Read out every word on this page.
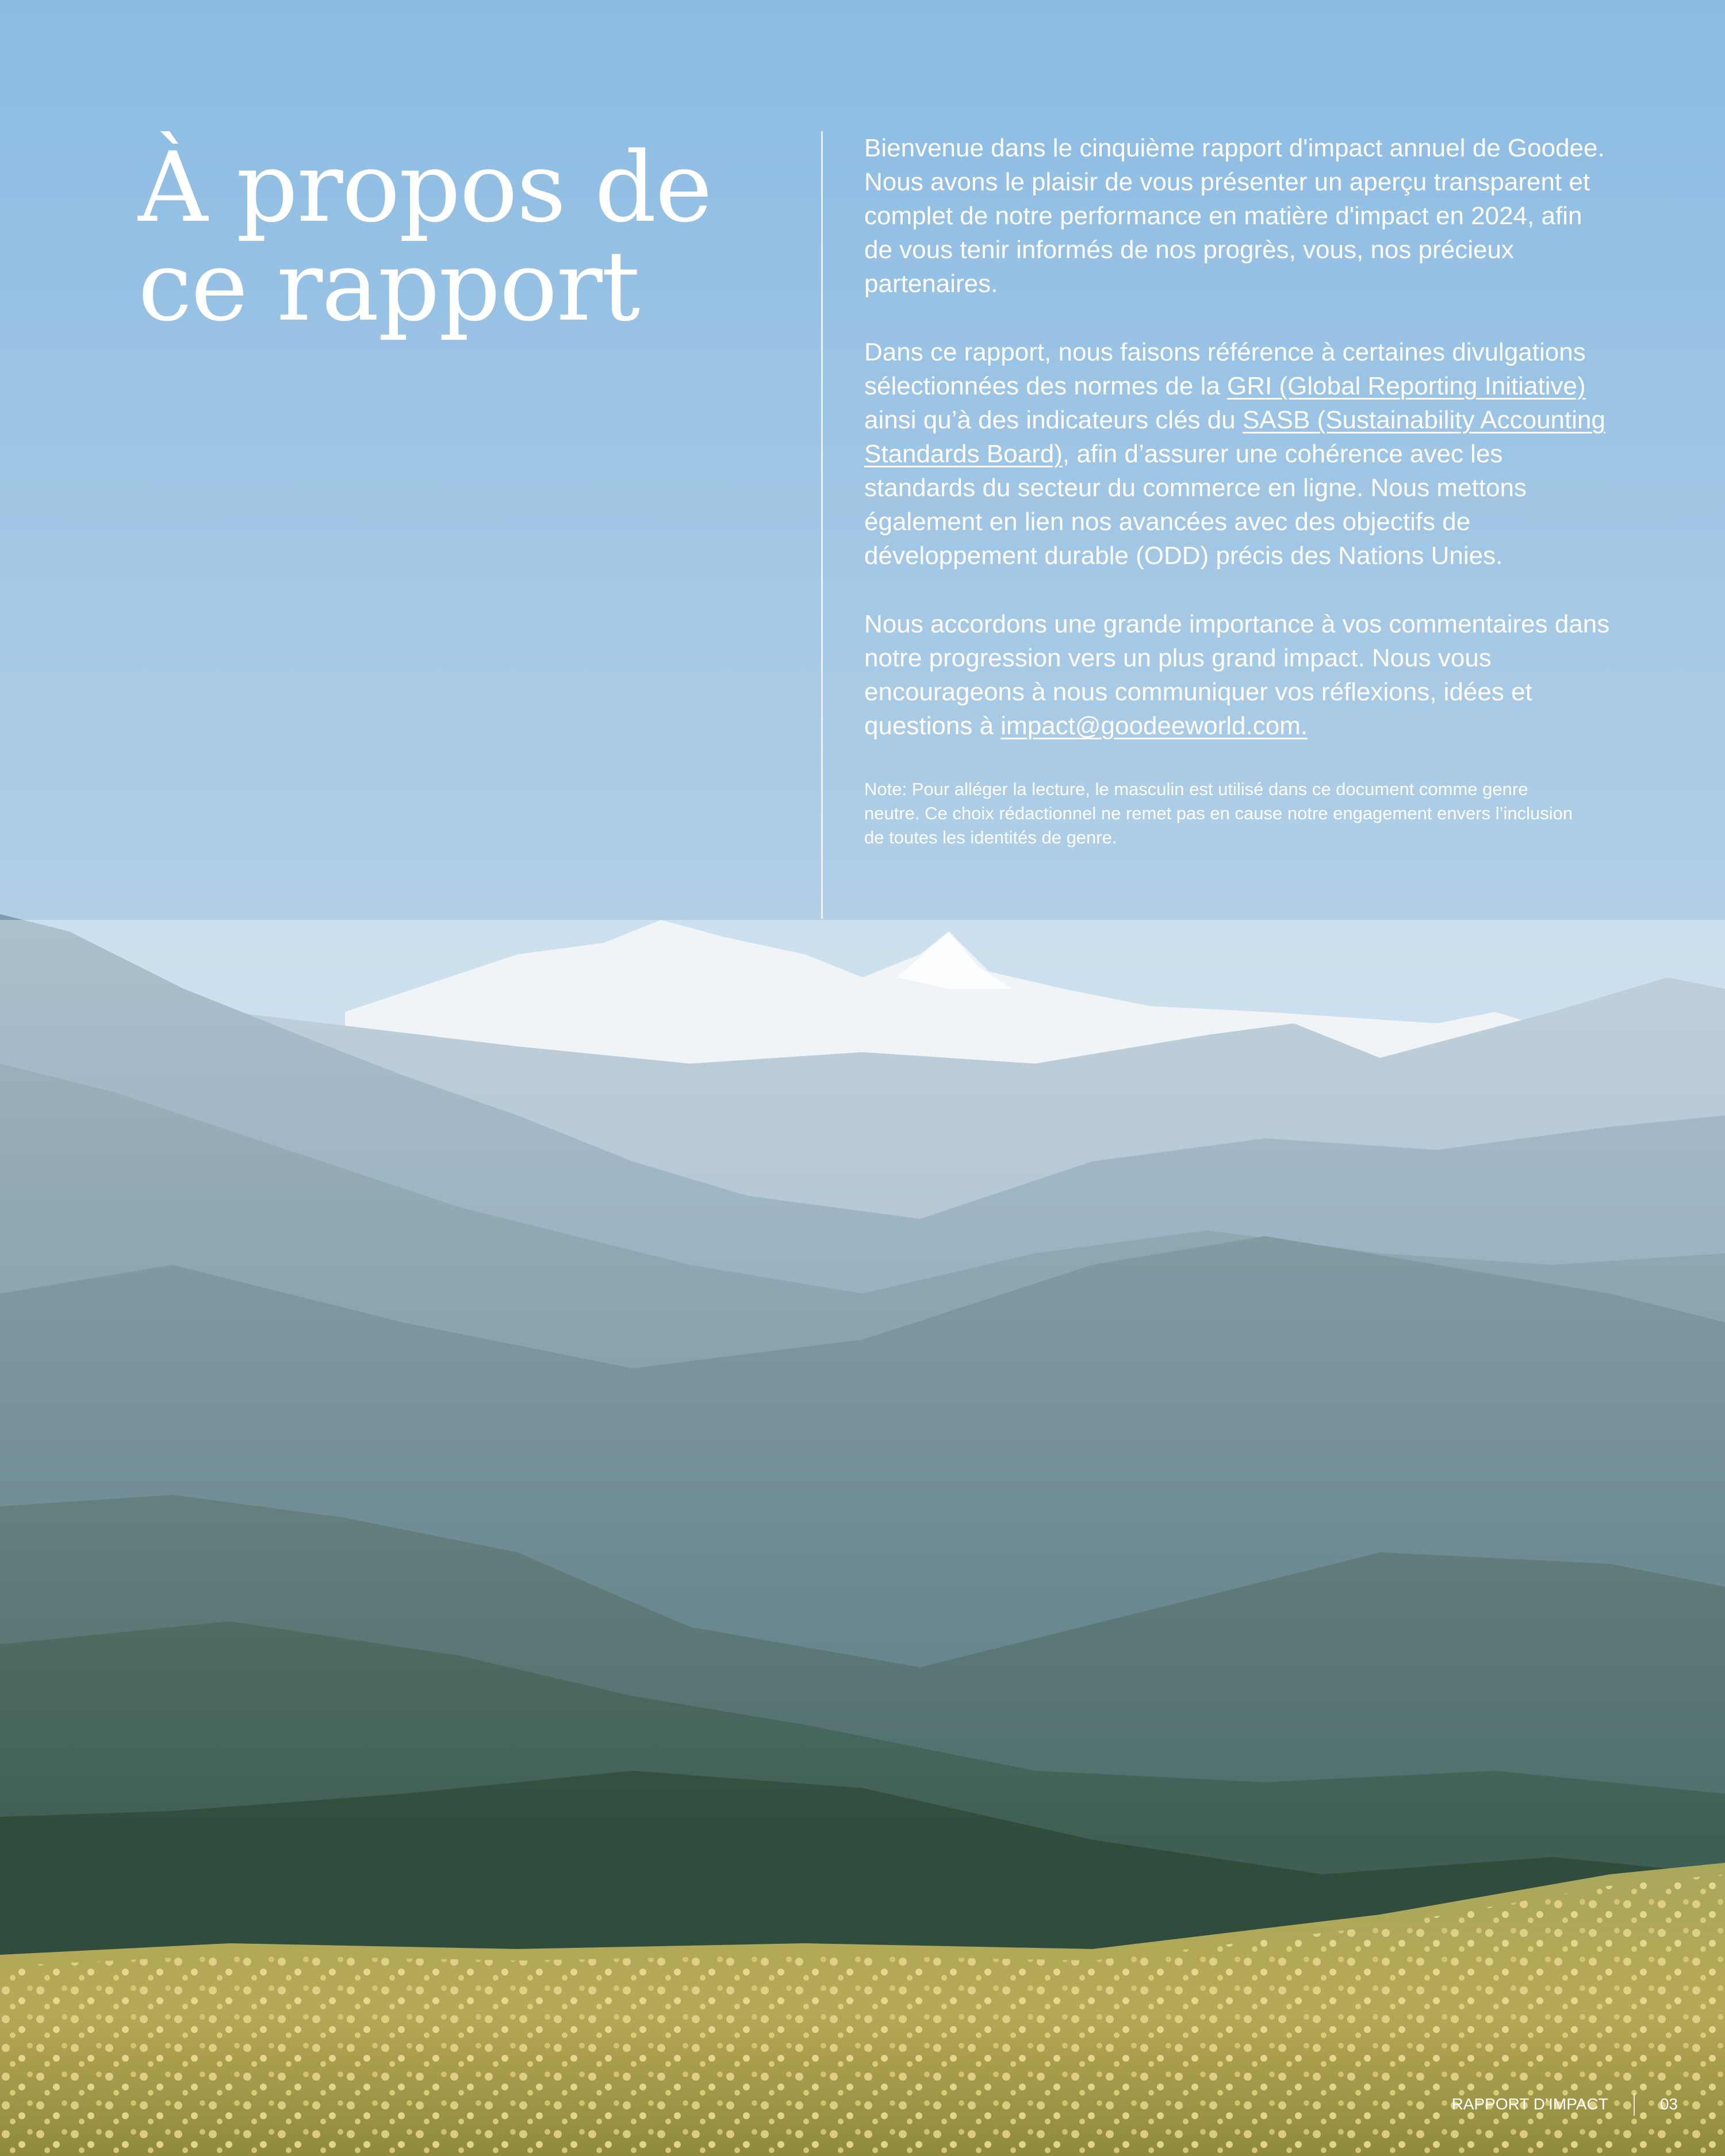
À propos de
ce rapport

Bienvenue dans le cinquième rapport d'impact annuel de Goodee. Nous avons le plaisir de vous présenter un aperçu transparent et complet de notre performance en matière d'impact en 2024, afin de vous tenir informés de nos progrès, vous, nos précieux partenaires.

Dans ce rapport, nous faisons référence à certaines divulgations sélectionnées des normes de la GRI (Global Reporting Initiative) ainsi qu’à des indicateurs clés du SASB (Sustainability Accounting Standards Board), afin d’assurer une cohérence avec les standards du secteur du commerce en ligne. Nous mettons également en lien nos avancées avec des objectifs de développement durable (ODD) précis des Nations Unies.

Nous accordons une grande importance à vos commentaires dans notre progression vers un plus grand impact. Nous vous encourageons à nous communiquer vos réflexions, idées et questions à impact@goodeeworld.com.

Note: Pour alléger la lecture, le masculin est utilisé dans ce document comme genre neutre. Ce choix rédactionnel ne remet pas en cause notre engagement envers l’inclusion de toutes les identités de genre.

RAPPORT D’IMPACT	03
